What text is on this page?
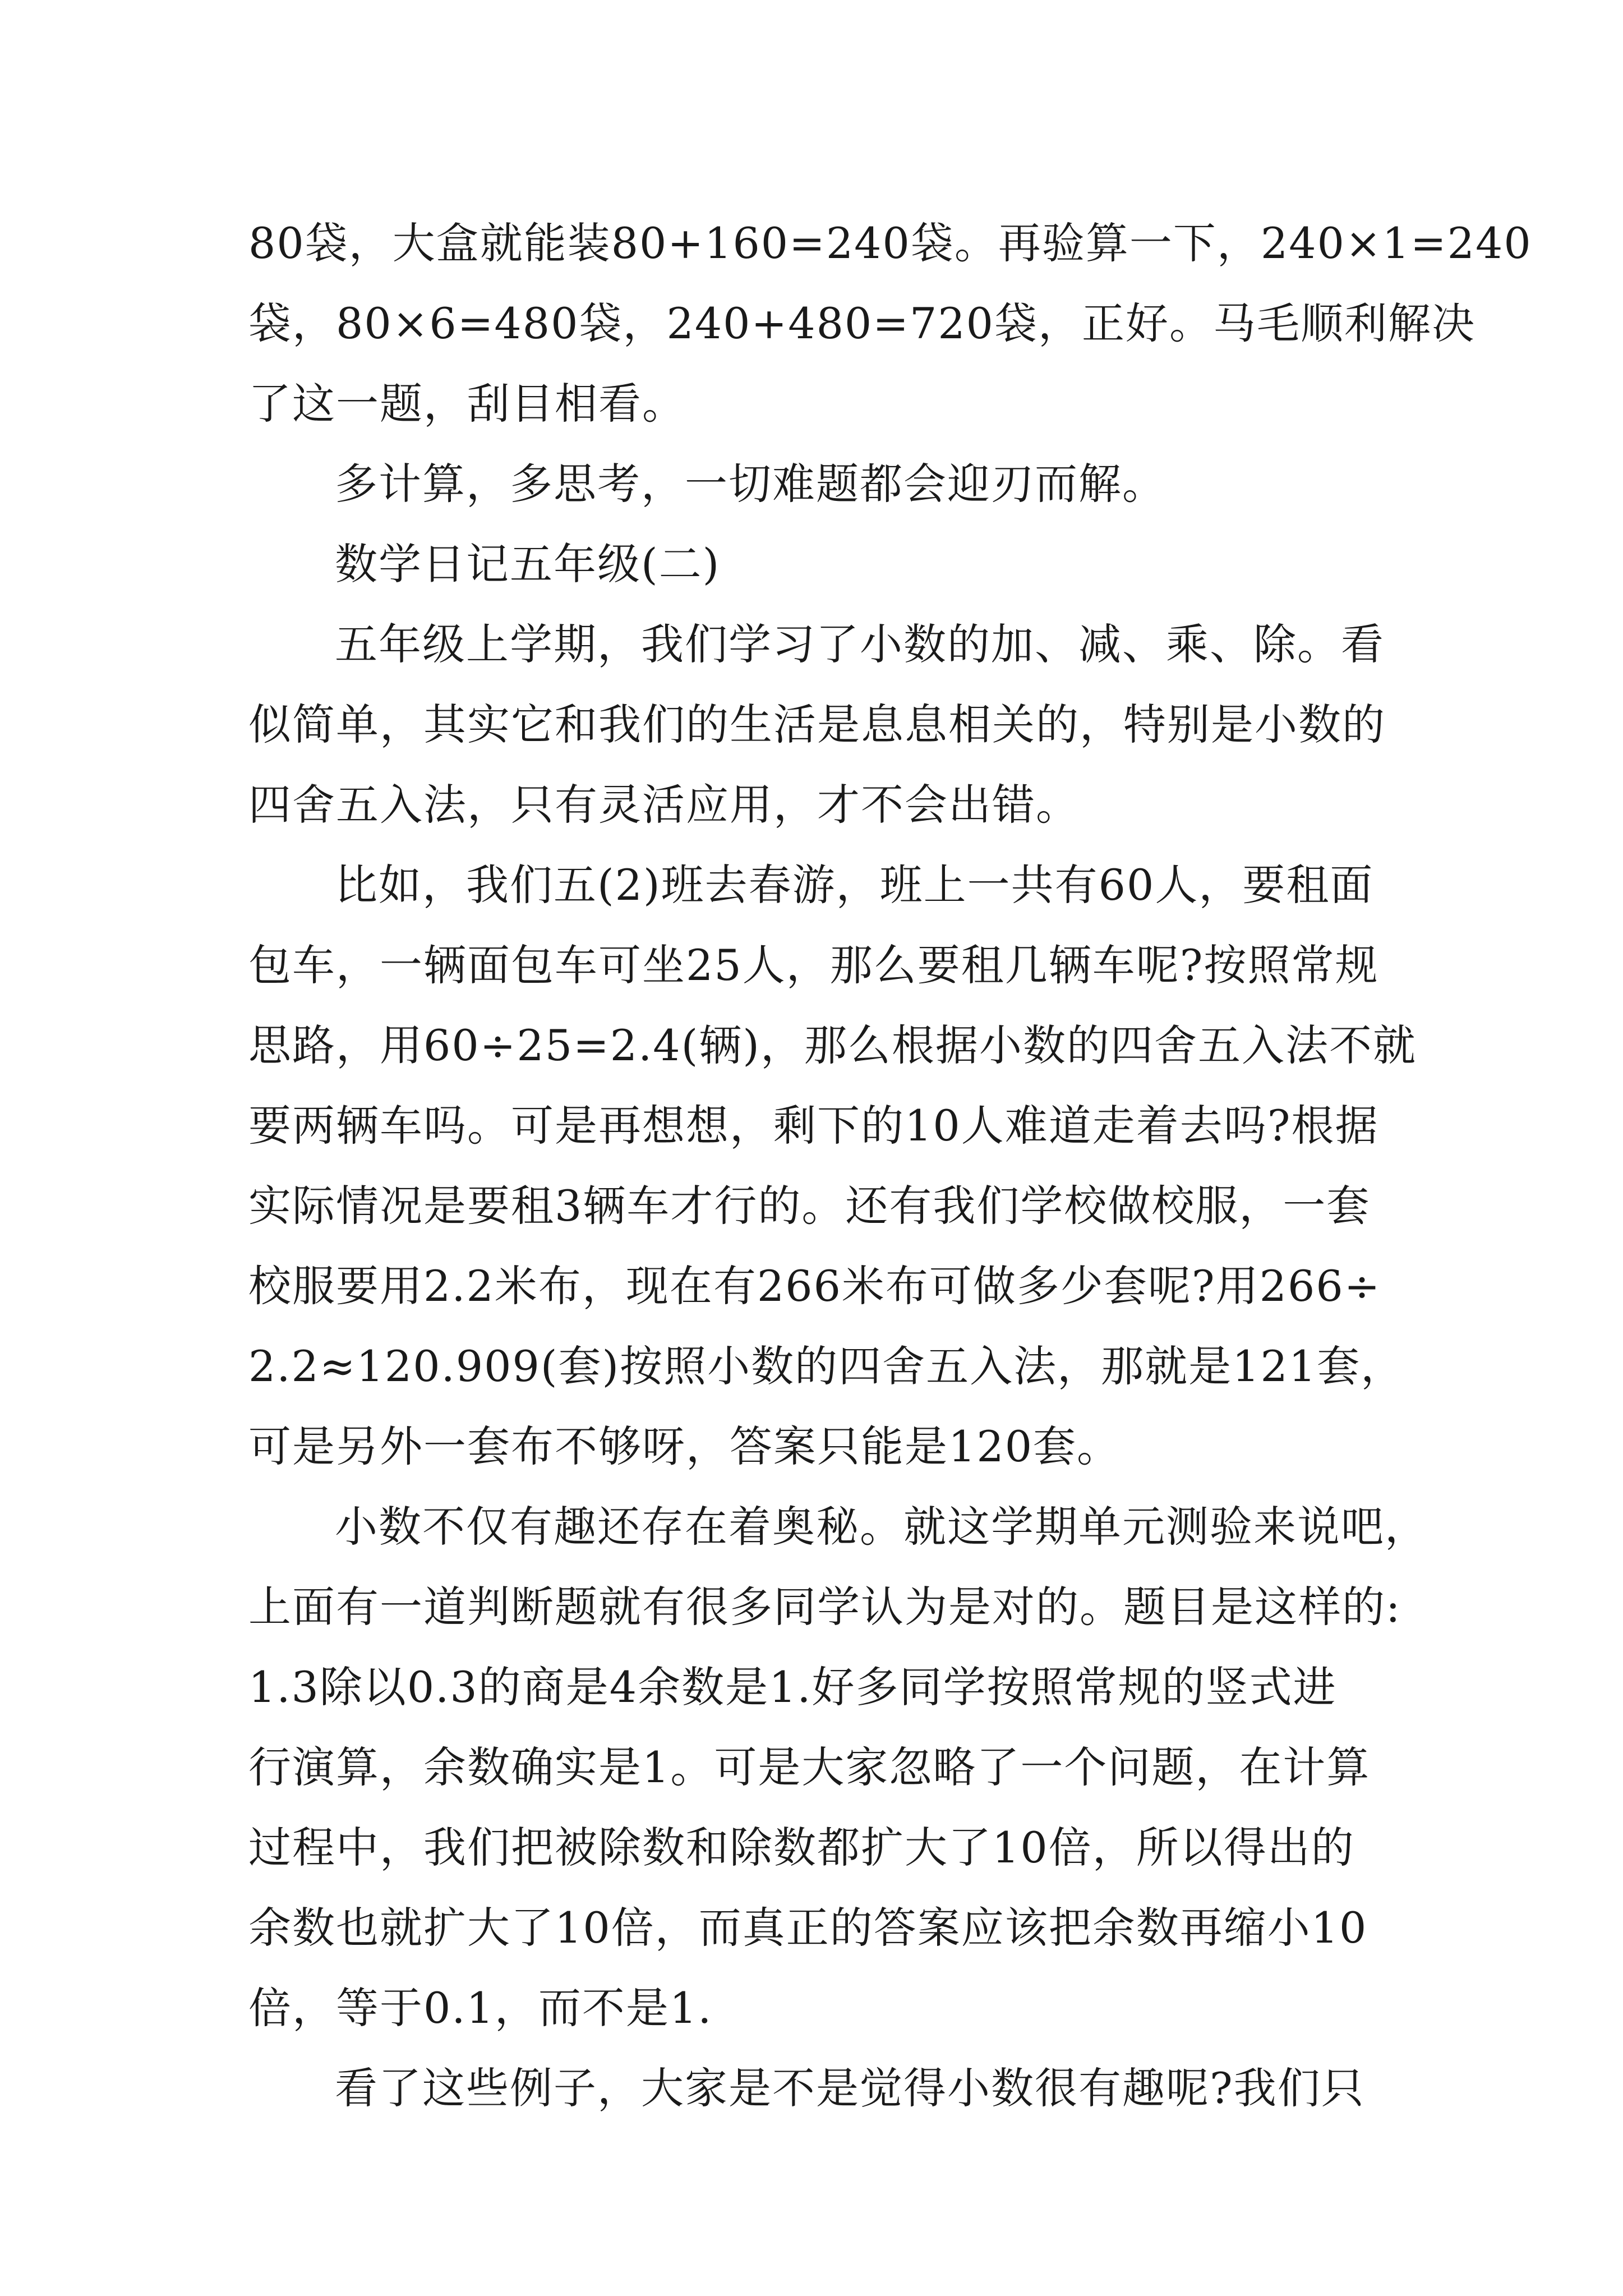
80袋，大盒就能装80+160=240袋。再验算一下，240×1=240
袋，80×6=480袋，240+480=720袋，正好。马毛顺利解决
了这一题，刮目相看。
多计算，多思考，一切难题都会迎刃而解。
数学日记五年级(二)
五年级上学期，我们学习了小数的加、减、乘、除。看
似简单，其实它和我们的生活是息息相关的，特别是小数的
四舍五入法，只有灵活应用，才不会出错。
比如，我们五(2)班去春游，班上一共有60人，要租面
包车，一辆面包车可坐25人，那么要租几辆车呢?按照常规
思路，用60÷25=2.4(辆)，那么根据小数的四舍五入法不就
要两辆车吗。可是再想想，剩下的10人难道走着去吗?根据
实际情况是要租3辆车才行的。还有我们学校做校服，一套
校服要用2.2米布，现在有266米布可做多少套呢?用266÷
2.2≈120.909(套)按照小数的四舍五入法，那就是121套，
可是另外一套布不够呀，答案只能是120套。
小数不仅有趣还存在着奥秘。就这学期单元测验来说吧，
上面有一道判断题就有很多同学认为是对的。题目是这样的:
1.3除以0.3的商是4余数是1.好多同学按照常规的竖式进
行演算，余数确实是1。可是大家忽略了一个问题，在计算
过程中，我们把被除数和除数都扩大了10倍，所以得出的
余数也就扩大了10倍，而真正的答案应该把余数再缩小10
倍，等于0.1，而不是1.
看了这些例子，大家是不是觉得小数很有趣呢?我们只
